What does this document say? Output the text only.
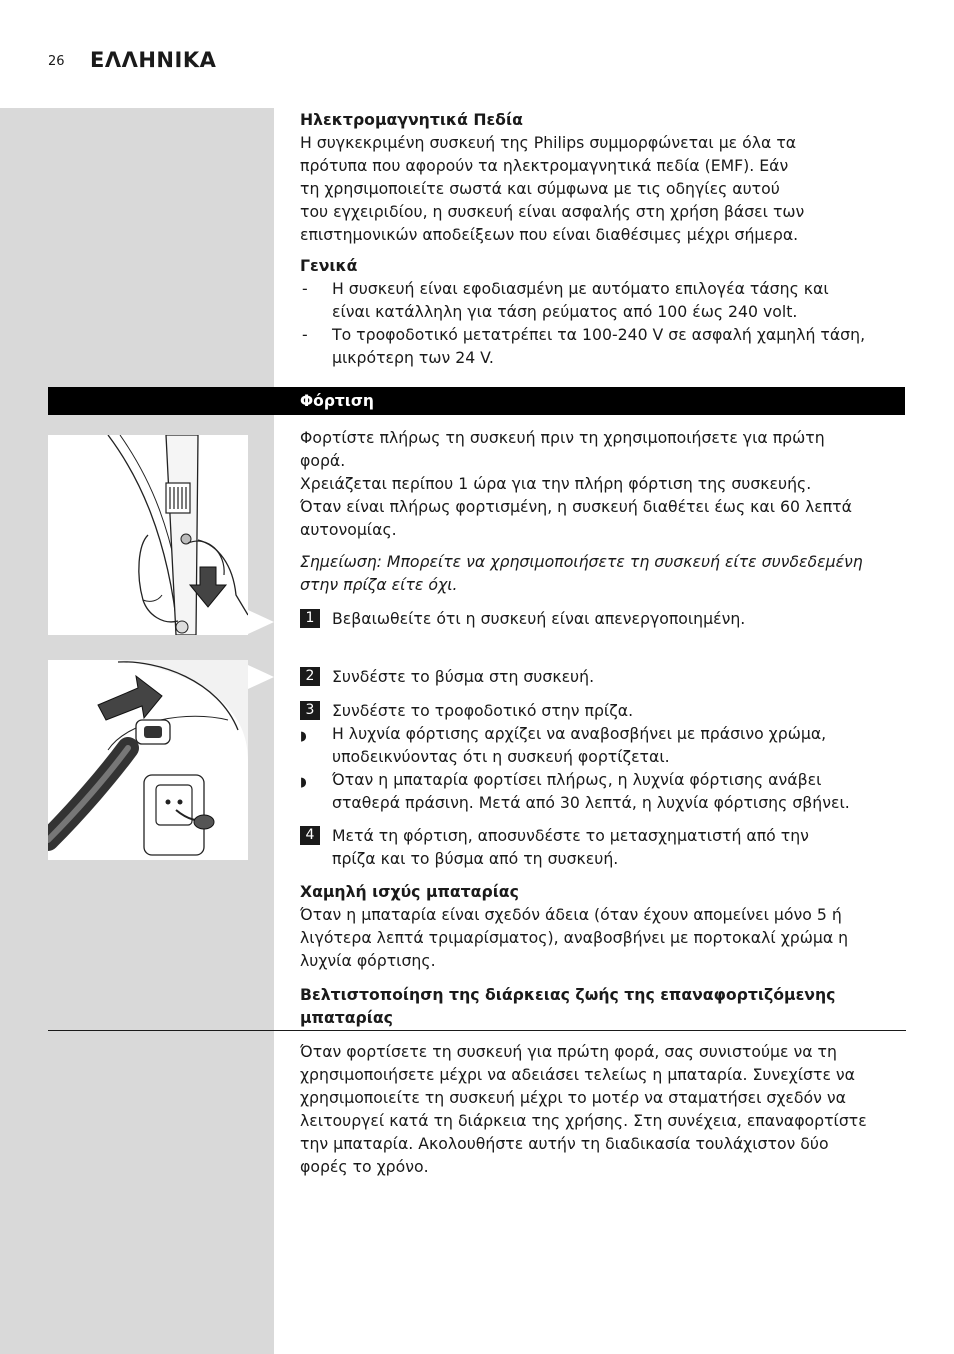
26 ΕΛΛΗΝΙΚΑ

Ηλεκτρομαγνητικά Πεδία

Η συγκεκριμένη συσκευή της Philips συμμορφώνεται με όλα τα

πρότυπα που αφορούν τα ηλεκτρομαγνητικά πεδία (EMF). Εάν

τη χρησιμοποιείτε σωστά και σύμφωνα με τις οδηγίες αυτού

του εγχειριδίου, η συσκευή είναι ασφαλής στη χρήση βάσει των

επιστημονικών αποδείξεων που είναι διαθέσιμες μέχρι σήμερα.

Γενικά

- Η συσκευή είναι εφοδιασμένη με αυτόματο επιλογέα τάσης και

είναι κατάλληλη για τάση ρεύματος από 100 έως 240 volt.

- Το τροφοδοτικό μετατρέπει τα 100-240 V σε ασφαλή χαμηλή τάση,

μικρότερη των 24 V.

Φόρτιση

Φορτίστε πλήρως τη συσκευή πριν τη χρησιμοποιήσετε για πρώτη

φορά.

Χρειάζεται περίπου 1 ώρα για την πλήρη φόρτιση της συσκευής.

Όταν είναι πλήρως φορτισμένη, η συσκευή διαθέτει έως και 60 λεπτά

αυτονομίας.

Σημείωση: Μπορείτε να χρησιμοποιήσετε τη συσκευή είτε συνδεδεμένη

στην πρίζα είτε όχι.

1	Βεβαιωθείτε ότι η συσκευή είναι απενεργοποιημένη.

2	Συνδέστε το βύσμα στη συσκευή.

3	Συνδέστε το τροφοδοτικό στην πρίζα.

◗ Η λυχνία φόρτισης αρχίζει να αναβοσβήνει με πράσινο χρώμα,

υποδεικνύοντας ότι η συσκευή φορτίζεται.

◗ Όταν η μπαταρία φορτίσει πλήρως, η λυχνία φόρτισης ανάβει

σταθερά πράσινη. Μετά από 30 λεπτά, η λυχνία φόρτισης σβήνει.

4	Μετά τη φόρτιση, αποσυνδέστε το μετασχηματιστή από την

πρίζα και το βύσμα από τη συσκευή.

Χαμηλή ισχύς μπαταρίας

Όταν η μπαταρία είναι σχεδόν άδεια (όταν έχουν απομείνει μόνο 5 ή

λιγότερα λεπτά τριμαρίσματος), αναβοσβήνει με πορτοκαλί χρώμα η

λυχνία φόρτισης.

Βελτιστοποίηση της διάρκειας ζωής της επαναφορτιζόμενης

μπαταρίας

Όταν φορτίσετε τη συσκευή για πρώτη φορά, σας συνιστούμε να τη

χρησιμοποιήσετε μέχρι να αδειάσει τελείως η μπαταρία. Συνεχίστε να

χρησιμοποιείτε τη συσκευή μέχρι το μοτέρ να σταματήσει σχεδόν να

λειτουργεί κατά τη διάρκεια της χρήσης. Στη συνέχεια, επαναφορτίστε

την μπαταρία. Ακολουθήστε αυτήν τη διαδικασία τουλάχιστον δύο

φορές το χρόνο.
